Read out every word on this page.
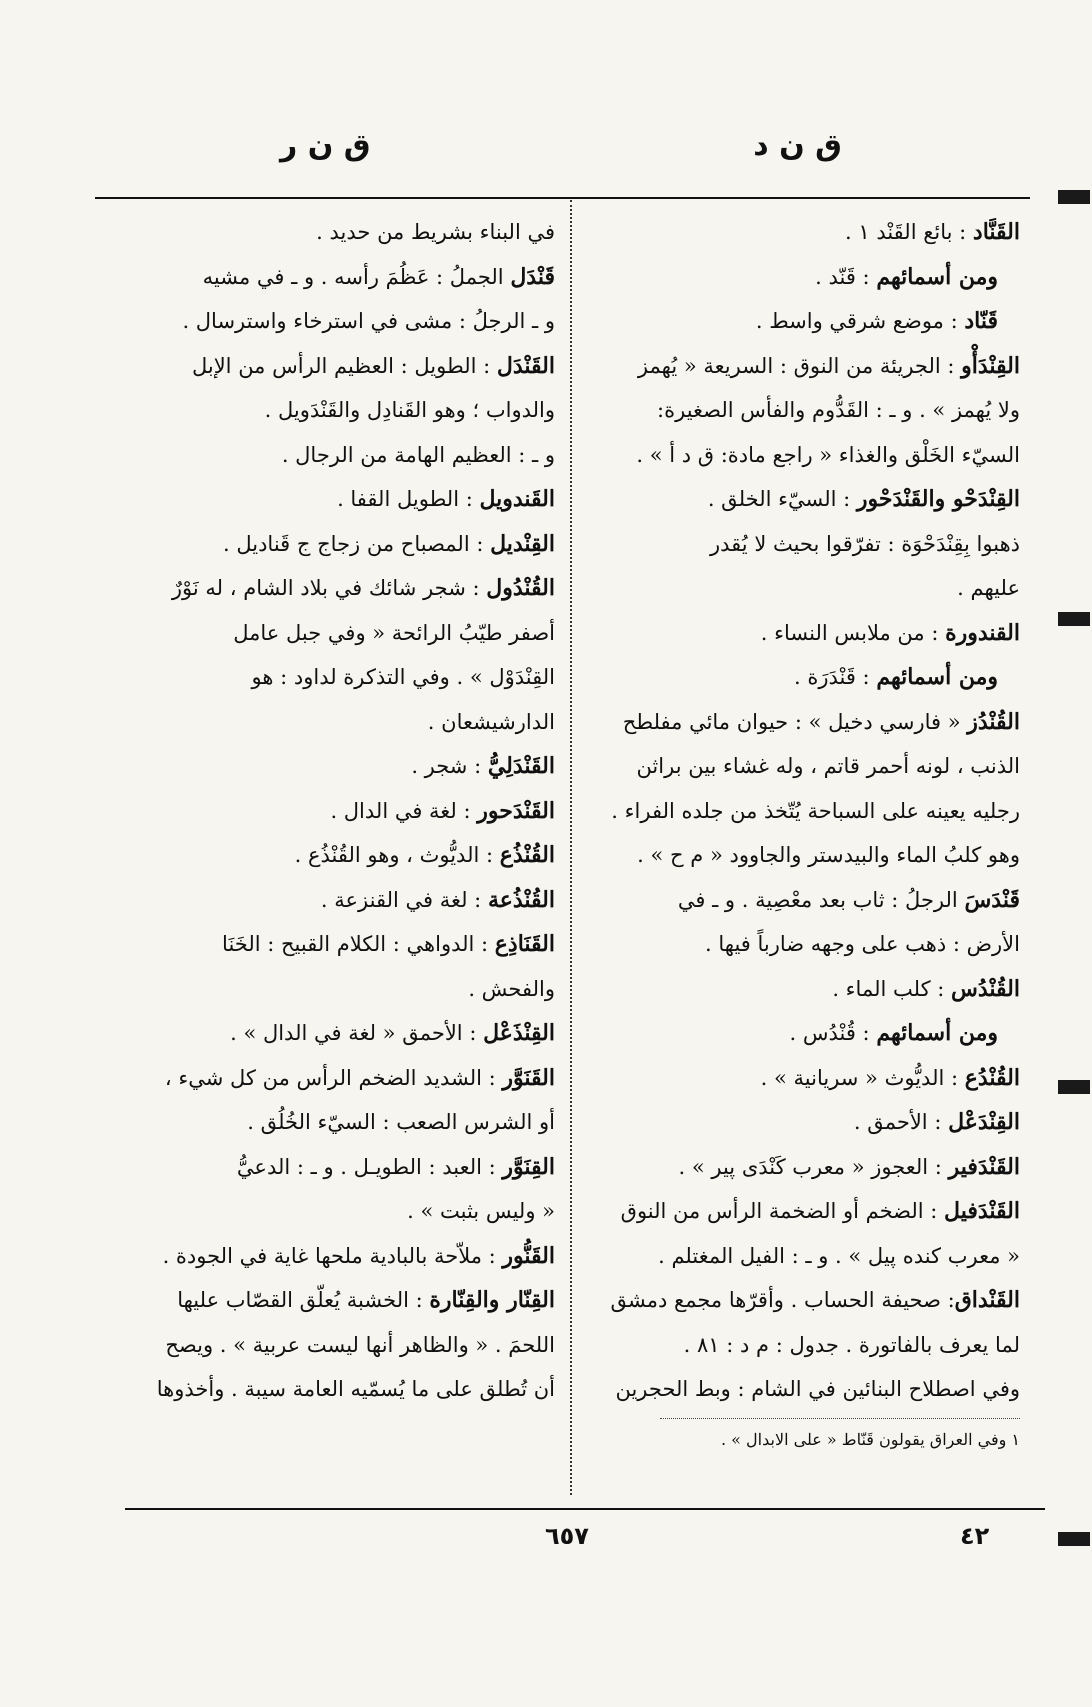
ق ن د
ق ن ر
القَنَّاد : بائع القَنْد ١ .
ومن أسمائهم : قَنّد .
قَنّاد : موضع شرقي واسط .
القِنْدَأْو : الجريئة من النوق : السريعة « يُهمز
ولا يُهمز » . و ـ : القَدُّوم والفأس الصغيرة:
السيّء الخَلْق والغذاء « راجع مادة: ق د أ » .
القِنْدَحْو والقَنْدَحْور : السيّء الخلق .
ذهبوا بِقِنْدَحْوَة : تفرّقوا بحيث لا يُقدر
عليهم .
القندورة : من ملابس النساء .
ومن أسمائهم : قَنْدَرَة .
القُنْدُز « فارسي دخيل » : حيوان مائي مفلطح
الذنب ، لونه أحمر قاتم ، وله غشاء بين براثن
رجليه يعينه على السباحة يُتّخذ من جلده الفراء .
وهو كلبُ الماء والبيدستر والجاوود « م ح » .
قَنْدَسَ الرجلُ : ثاب بعد معْصِية . و ـ في
الأرض : ذهب على وجهه ضارباً فيها .
القُنْدُس : كلب الماء .
ومن أسمائهم : قُنْدُس .
القُنْدُع : الديُّوث « سريانية » .
القِنْدَعْل : الأحمق .
القَنْدَفير : العجوز « معرب كَنْدَى پير » .
القَنْدَفيل : الضخم أو الضخمة الرأس من النوق
« معرب كنده پيل » . و ـ : الفيل المغتلم .
القَنْداق: صحيفة الحساب . وأقرّها مجمع دمشق
لما يعرف بالفاتورة . جدول : م د : ٨١ .
وفي اصطلاح البنائين في الشام : وبط الحجرين
١ وفي العراق يقولون قَنّاط « على الابدال » .
في البناء بشريط من حديد .
قَنْدَل الجملُ : عَظُمَ رأسه . و ـ في مشيه
و ـ الرجلُ : مشى في استرخاء واسترسال .
القَنْدَل : الطويل : العظيم الرأس من الإبل
والدواب ؛ وهو القَنادِل والقَنْدَويل .
و ـ : العظيم الهامة من الرجال .
القَندويل : الطويل القفا .
القِنْديل : المصباح من زجاج ج قَناديل .
القُنْدُول : شجر شائك في بلاد الشام ، له نَوْرٌ
أصفر طيّبُ الرائحة « وفي جبل عامل
القِنْدَوْل » . وفي التذكرة لداود : هو
الدارشيشعان .
القَنْدَلِيُّ : شجر .
القَنْدَحور : لغة في الدال .
القُنْذُع : الديُّوث ، وهو القُنْذُع .
القُنْذُعة : لغة في القنزعة .
القَنَاذِع : الدواهي : الكلام القبيح : الخَنَا
والفحش .
القِنْذَعْل : الأحمق « لغة في الدال » .
القَنَوَّر : الشديد الضخم الرأس من كل شيء ،
أو الشرس الصعب : السيّء الخُلُق .
القِنَوَّر : العبد : الطويـل . و ـ : الدعيُّ
« وليس بثبت » .
القَنُّور : ملاّحة بالبادية ملحها غاية في الجودة .
القِنّار والقِنّارة : الخشبة يُعلّق القصّاب عليها
اللحمَ . « والظاهر أنها ليست عربية » . ويصح
أن تُطلق على ما يُسمّيه العامة سيبة . وأخذوها
٤٢
٦٥٧
